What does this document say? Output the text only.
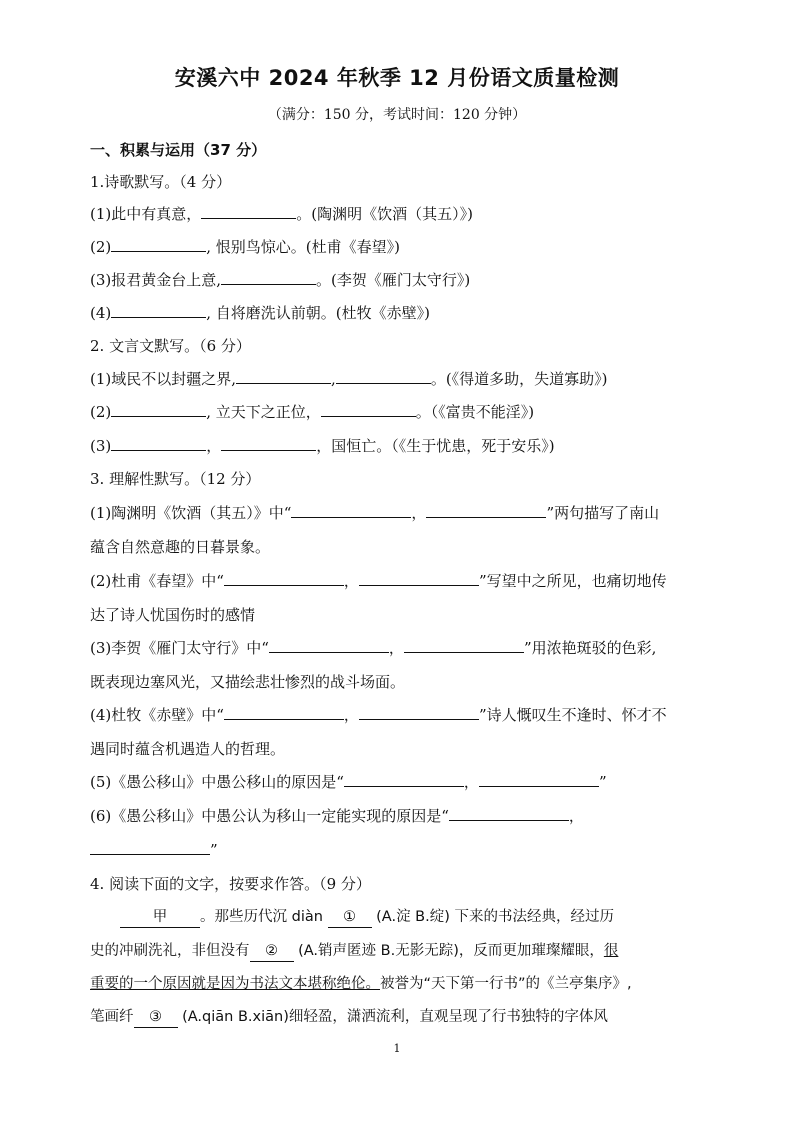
安溪六中 2024 年秋季 12 月份语文质量检测
（满分：150 分，考试时间：120 分钟）
一、积累与运用（37 分）
1.诗歌默写。（4 分）
(1)此中有真意，	。(陶渊明《饮酒（其五）》)
(2)	, 恨别鸟惊心。(杜甫《春望》)
(3)报君黄金台上意,	。(李贺《雁门太守行》)
(4)	, 自将磨洗认前朝。(杜牧《赤壁》)
2. 文言文默写。（6 分）
(1)域民不以封疆之界,	,	。(《得道多助，失道寡助》)
(2)	, 立天下之正位，	。（《富贵不能淫》)
(3)	，	，国恒亡。（《生于忧患，死于安乐》)
3. 理解性默写。（12 分）
(1)陶渊明《饮酒（其五）》中“	，	”两句描写了南山
蕴含自然意趣的日暮景象。
(2)杜甫《春望》中“	，	”写望中之所见，也痛切地传
达了诗人忧国伤时的感情
(3)李贺《雁门太守行》中“	，	”用浓艳斑驳的色彩,
既表现边塞风光，又描绘悲壮惨烈的战斗场面。
(4)杜牧《赤壁》中“	，	”诗人慨叹生不逢时、怀才不
遇同时蕴含机遇造人的哲理。
(5)《愚公移山》中愚公移山的原因是“	，	”
(6)《愚公移山》中愚公认为移山一定能实现的原因是“	，
”
4. 阅读下面的文字，按要求作答。（9 分）
甲 。那些历代沉 diàn ① (A.淀 B.绽) 下来的书法经典，经过历
史的冲刷洗礼，非但没有 ② (A.销声匿迹 B.无影无踪)，反而更加璀璨耀眼，很
重要的一个原因就是因为书法文本堪称绝伦。被誉为“天下第一行书”的《兰亭集序》,
笔画纤 ③ (A.qiān B.xiān)细轻盈，潇洒流利，直观呈现了行书独特的字体风
1
